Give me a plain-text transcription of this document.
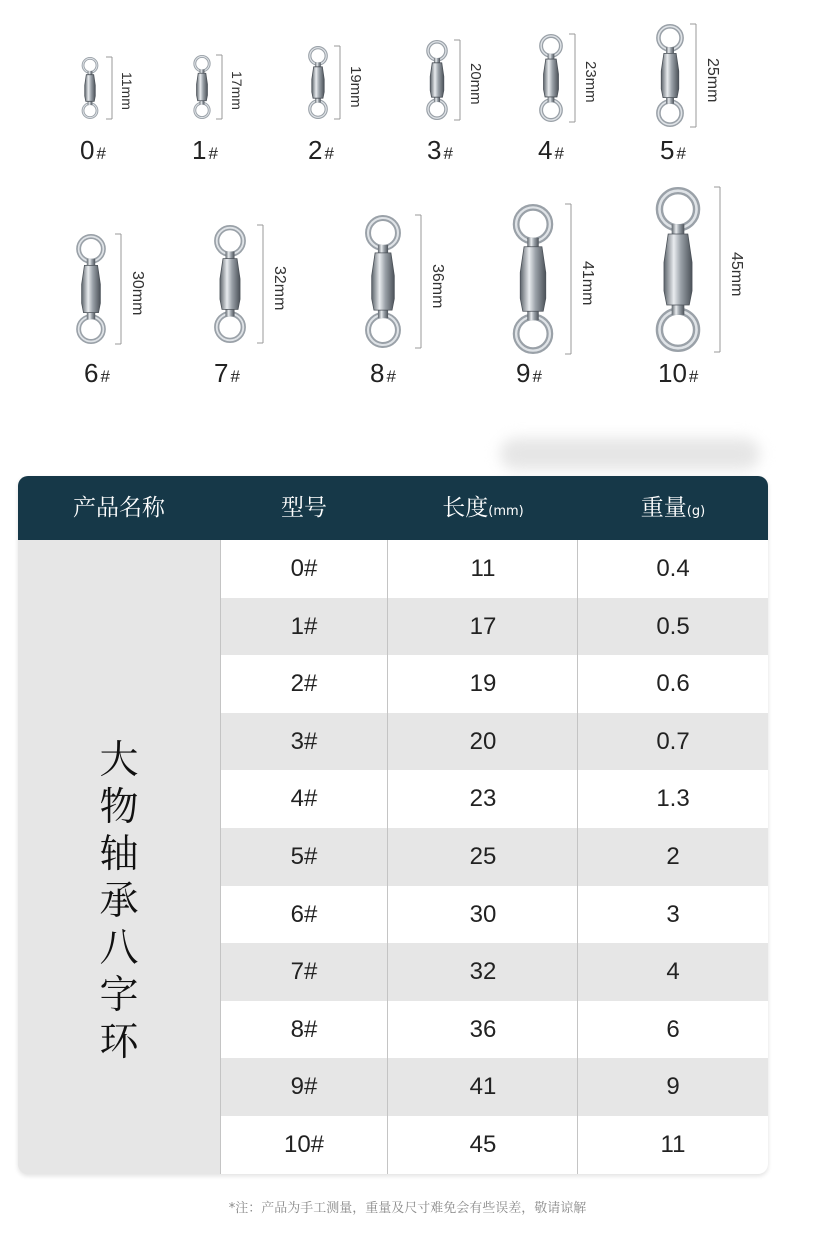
11mm
0 #
17mm
1 #
19mm
2 #
20mm
3 #
23mm
4 #
25mm
5 #
30mm
6 #
32mm
7 #
36mm
8 #
41mm
9 #
45mm
10 #
产品名称	型号	长度(mm)	重量(g)
大
物
轴
承
八
字
环
0#	11	0.4
1#	17	0.5
2#	19	0.6
3#	20	0.7
4#	23	1.3
5#	25	2
6#	30	3
7#	32	4
8#	36	6
9#	41	9
10#	45	11
*注：产品为手工测量，重量及尺寸难免会有些误差，敬请谅解
